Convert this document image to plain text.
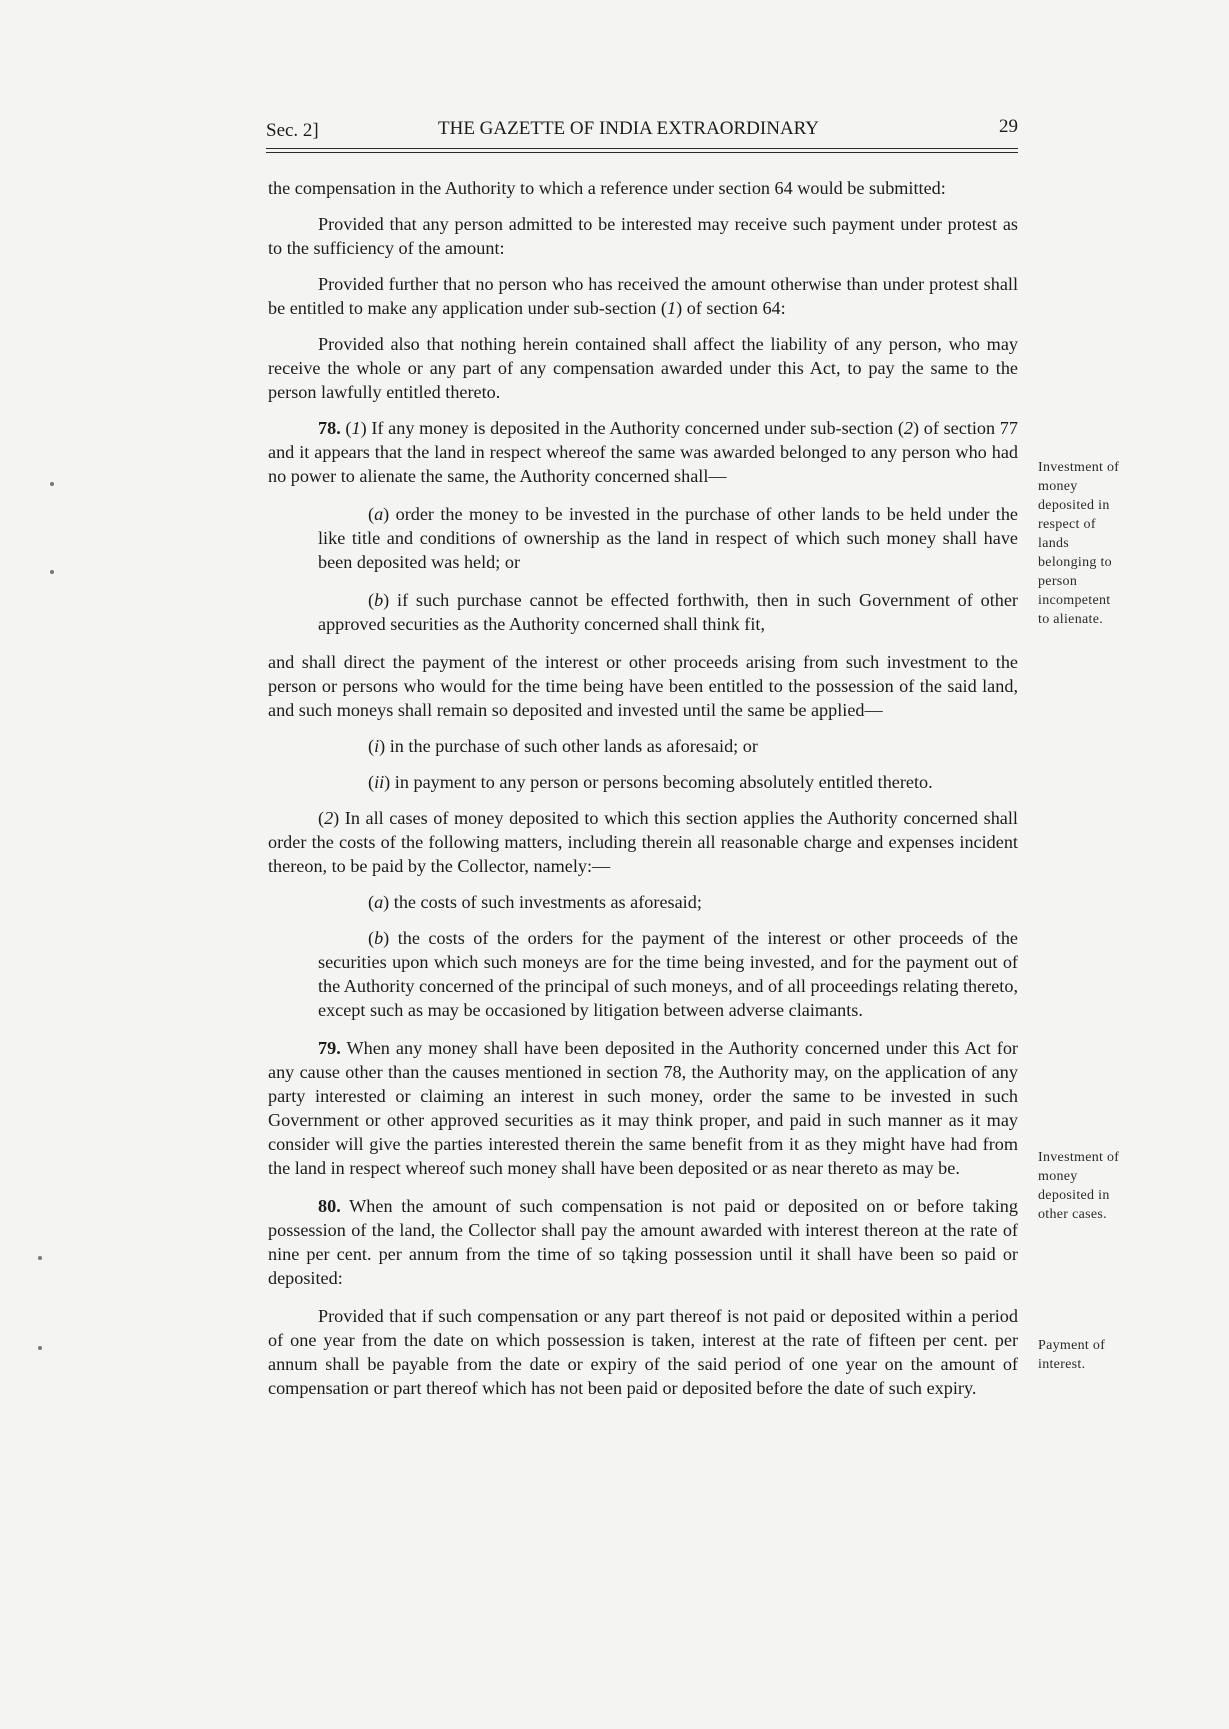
Sec. 2]	THE GAZETTE OF INDIA EXTRAORDINARY	29

the compensation in the Authority to which a reference under section 64 would be submitted:

Provided that any person admitted to be interested may receive such payment under protest as to the sufficiency of the amount:

Provided further that no person who has received the amount otherwise than under protest shall be entitled to make any application under sub-section (1) of section 64:

Provided also that nothing herein contained shall affect the liability of any person, who may receive the whole or any part of any compensation awarded under this Act, to pay the same to the person lawfully entitled thereto.

78. (1) If any money is deposited in the Authority concerned under sub-section (2) of section 77 and it appears that the land in respect whereof the same was awarded belonged to any person who had no power to alienate the same, the Authority concerned shall—

(a) order the money to be invested in the purchase of other lands to be held under the like title and conditions of ownership as the land in respect of which such money shall have been deposited was held; or

(b) if such purchase cannot be effected forthwith, then in such Government of other approved securities as the Authority concerned shall think fit,

and shall direct the payment of the interest or other proceeds arising from such investment to the person or persons who would for the time being have been entitled to the possession of the said land, and such moneys shall remain so deposited and invested until the same be applied—

(i) in the purchase of such other lands as aforesaid; or

(ii) in payment to any person or persons becoming absolutely entitled thereto.

(2) In all cases of money deposited to which this section applies the Authority concerned shall order the costs of the following matters, including therein all reasonable charge and expenses incident thereon, to be paid by the Collector, namely:—

(a) the costs of such investments as aforesaid;

(b) the costs of the orders for the payment of the interest or other proceeds of the securities upon which such moneys are for the time being invested, and for the payment out of the Authority concerned of the principal of such moneys, and of all proceedings relating thereto, except such as may be occasioned by litigation between adverse claimants.

79. When any money shall have been deposited in the Authority concerned under this Act for any cause other than the causes mentioned in section 78, the Authority may, on the application of any party interested or claiming an interest in such money, order the same to be invested in such Government or other approved securities as it may think proper, and paid in such manner as it may consider will give the parties interested therein the same benefit from it as they might have had from the land in respect whereof such money shall have been deposited or as near thereto as may be.

80. When the amount of such compensation is not paid or deposited on or before taking possession of the land, the Collector shall pay the amount awarded with interest thereon at the rate of nine per cent. per annum from the time of so tąking possession until it shall have been so paid or deposited:

Provided that if such compensation or any part thereof is not paid or deposited within a period of one year from the date on which possession is taken, interest at the rate of fifteen per cent. per annum shall be payable from the date or expiry of the said period of one year on the amount of compensation or part thereof which has not been paid or deposited before the date of such expiry.

Investment of
money
deposited in
respect of
lands
belonging to
person
incompetent
to alienate.
Investment of
money
deposited in
other cases.
Payment of
interest.
